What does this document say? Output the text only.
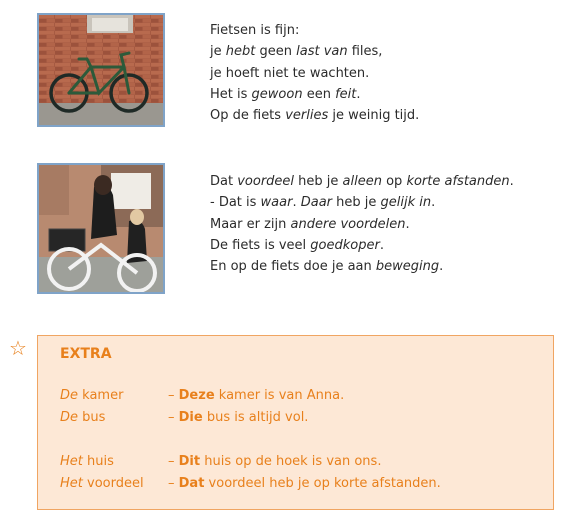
Fietsen is fijn:
je hebt geen last van files,
je hoeft niet te wachten.
Het is gewoon een feit.
Op de fiets verlies je weinig tijd.
Dat voordeel heb je alleen op korte afstanden.
- Dat is waar. Daar heb je gelijk in.
Maar er zijn andere voordelen.
De fiets is veel goedkoper.
En op de fiets doe je aan beweging.
☆ EXTRA
De kamer	– Deze kamer is van Anna.
De bus	– Die bus is altijd vol.
Het huis	– Dit huis op de hoek is van ons.
Het voordeel – Dat voordeel heb je op korte afstanden.
